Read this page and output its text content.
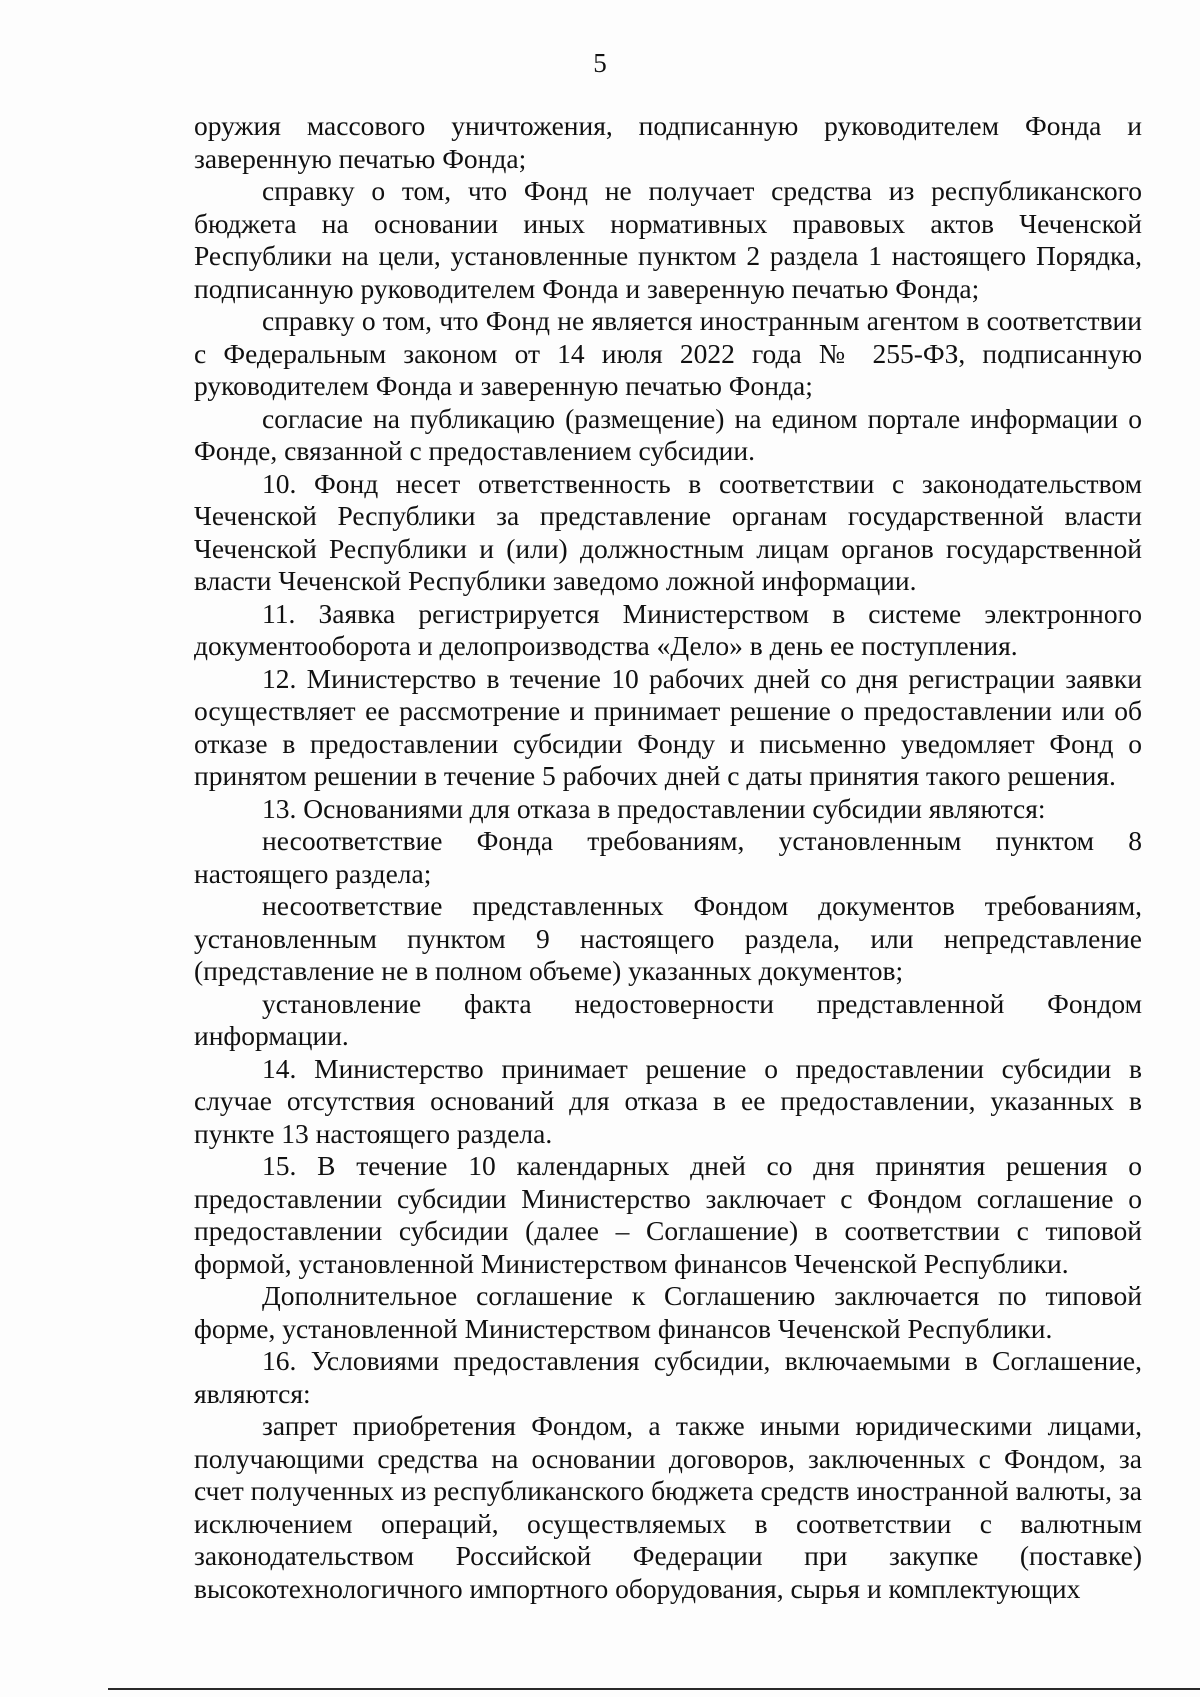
5

оружия массового уничтожения, подписанную руководителем Фонда и заверенную печатью Фонда;

справку о том, что Фонд не получает средства из республиканского бюджета на основании иных нормативных правовых актов Чеченской Республики на цели, установленные пунктом 2 раздела 1 настоящего Порядка, подписанную руководителем Фонда и заверенную печатью Фонда;

справку о том, что Фонд не является иностранным агентом в соответствии с Федеральным законом от 14 июля 2022 года № 255-ФЗ, подписанную руководителем Фонда и заверенную печатью Фонда;

согласие на публикацию (размещение) на едином портале информации о Фонде, связанной с предоставлением субсидии.

10. Фонд несет ответственность в соответствии с законодательством Чеченской Республики за представление органам государственной власти Чеченской Республики и (или) должностным лицам органов государственной власти Чеченской Республики заведомо ложной информации.

11. Заявка регистрируется Министерством в системе электронного документооборота и делопроизводства «Дело» в день ее поступления.

12. Министерство в течение 10 рабочих дней со дня регистрации заявки осуществляет ее рассмотрение и принимает решение о предоставлении или об отказе в предоставлении субсидии Фонду и письменно уведомляет Фонд о принятом решении в течение 5 рабочих дней с даты принятия такого решения.

13. Основаниями для отказа в предоставлении субсидии являются:

несоответствие Фонда требованиям, установленным пунктом 8 настоящего раздела;

несоответствие представленных Фондом документов требованиям, установленным пунктом 9 настоящего раздела, или непредставление (представление не в полном объеме) указанных документов;

установление факта недостоверности представленной Фондом информации.

14. Министерство принимает решение о предоставлении субсидии в случае отсутствия оснований для отказа в ее предоставлении, указанных в пункте 13 настоящего раздела.

15. В течение 10 календарных дней со дня принятия решения о предоставлении субсидии Министерство заключает с Фондом соглашение о предоставлении субсидии (далее – Соглашение) в соответствии с типовой формой, установленной Министерством финансов Чеченской Республики.

Дополнительное соглашение к Соглашению заключается по типовой форме, установленной Министерством финансов Чеченской Республики.

16. Условиями предоставления субсидии, включаемыми в Соглашение, являются:

запрет приобретения Фондом, а также иными юридическими лицами, получающими средства на основании договоров, заключенных с Фондом, за счет полученных из республиканского бюджета средств иностранной валюты, за исключением операций, осуществляемых в соответствии с валютным законодательством Российской Федерации при закупке (поставке) высокотехнологичного импортного оборудования, сырья и комплектующих
